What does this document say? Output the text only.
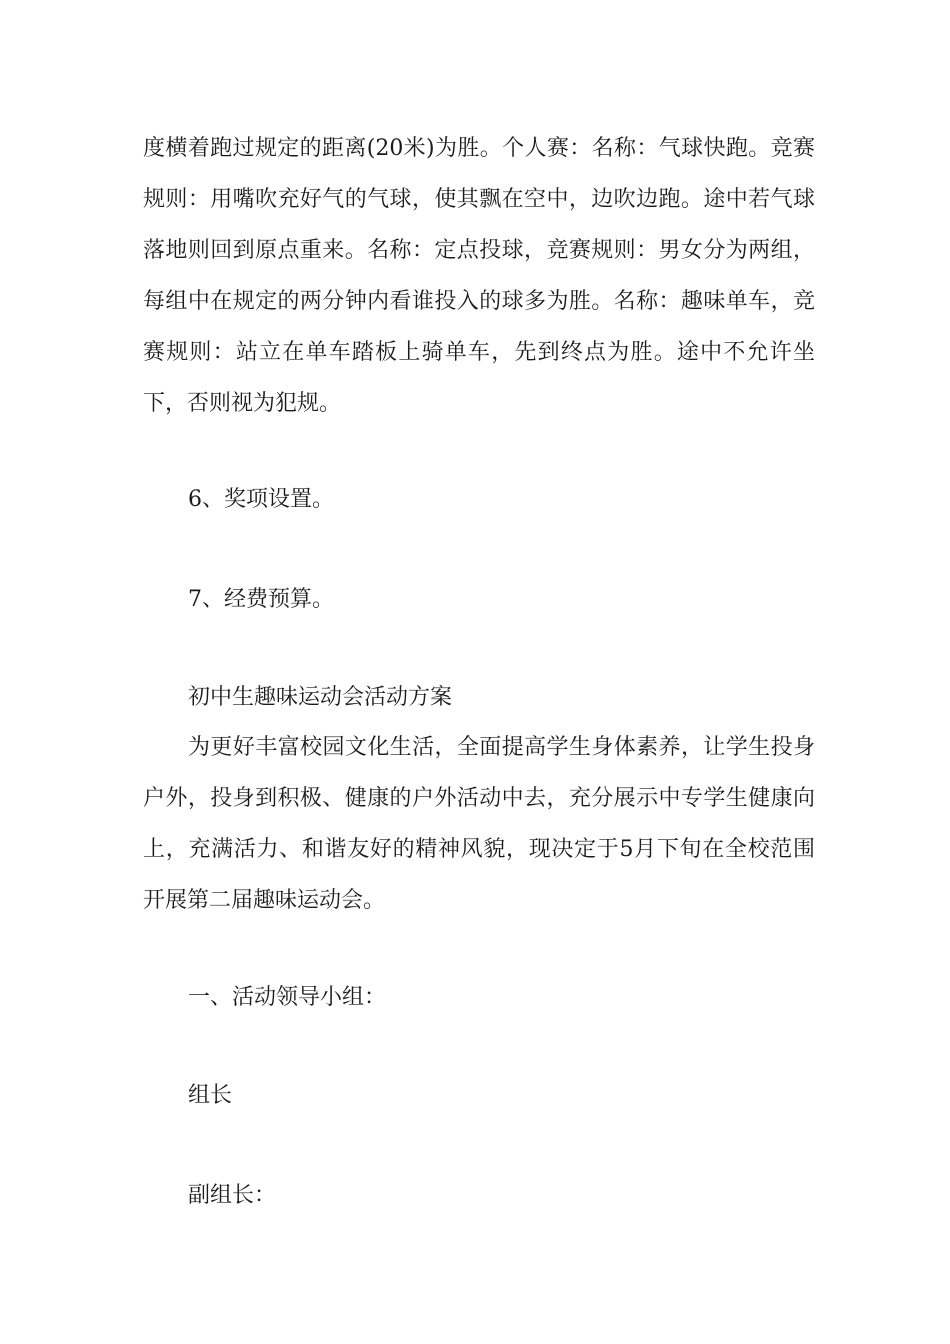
度横着跑过规定的距离(20米)为胜。个人赛：名称：气球快跑。竞赛规则：用嘴吹充好气的气球，使其飘在空中，边吹边跑。途中若气球落地则回到原点重来。名称：定点投球，竞赛规则：男女分为两组，每组中在规定的两分钟内看谁投入的球多为胜。名称：趣味单车，竞赛规则：站立在单车踏板上骑单车，先到终点为胜。途中不允许坐下，否则视为犯规。

6、奖项设置。

7、经费预算。

初中生趣味运动会活动方案

为更好丰富校园文化生活，全面提高学生身体素养，让学生投身户外，投身到积极、健康的户外活动中去，充分展示中专学生健康向上，充满活力、和谐友好的精神风貌，现决定于5月下旬在全校范围开展第二届趣味运动会。

一、活动领导小组：

组长

副组长：
